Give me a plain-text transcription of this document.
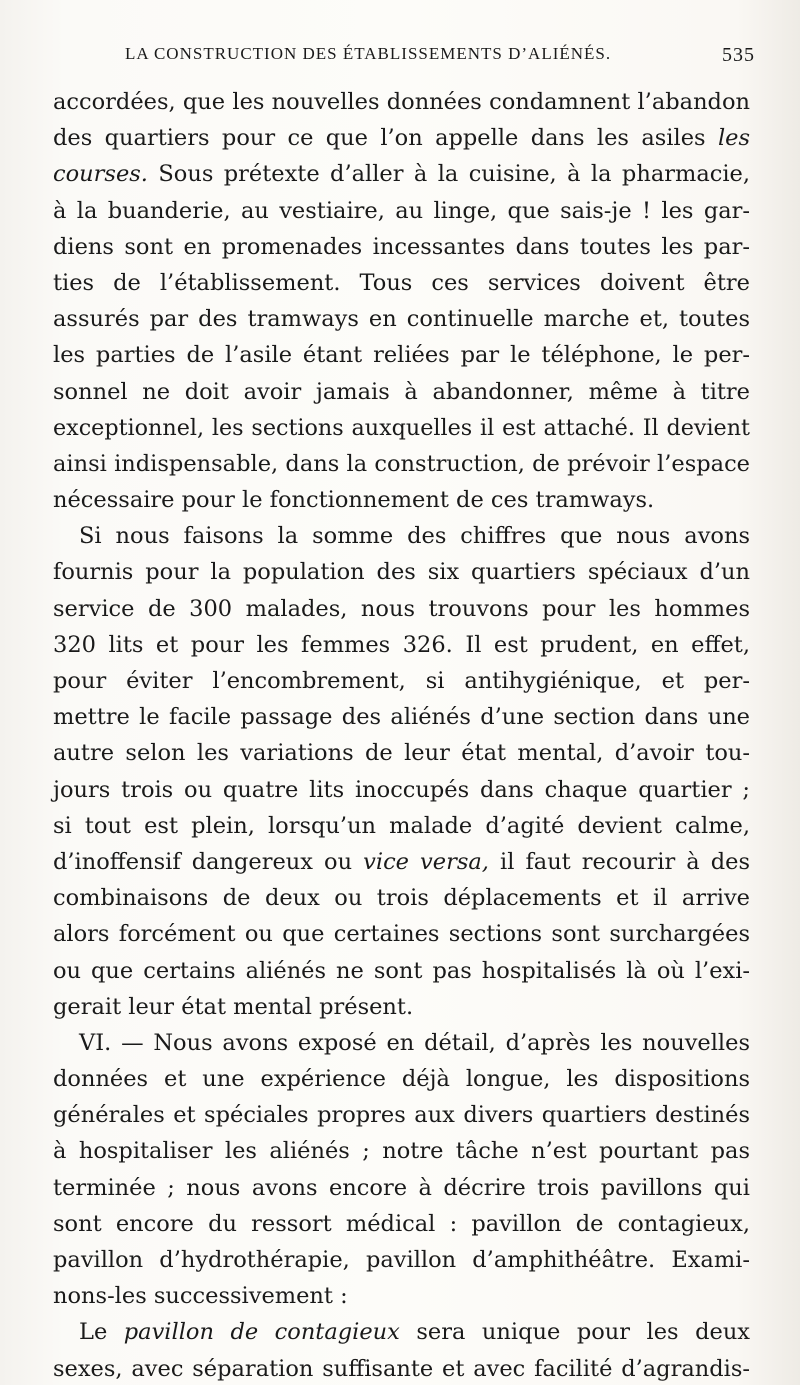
LA CONSTRUCTION DES ÉTABLISSEMENTS D’ALIÉNÉS.	535
accordées, que les nouvelles données condamnent l’abandon
des quartiers pour ce que l’on appelle dans les asiles les
courses. Sous prétexte d’aller à la cuisine, à la pharmacie,
à la buanderie, au vestiaire, au linge, que sais-je ! les gar-
diens sont en promenades incessantes dans toutes les par-
ties de l’établissement. Tous ces services doivent être
assurés par des tramways en continuelle marche et, toutes
les parties de l’asile étant reliées par le téléphone, le per-
sonnel ne doit avoir jamais à abandonner, même à titre
exceptionnel, les sections auxquelles il est attaché. Il devient
ainsi indispensable, dans la construction, de prévoir l’espace
nécessaire pour le fonctionnement de ces tramways.
Si nous faisons la somme des chiffres que nous avons
fournis pour la population des six quartiers spéciaux d’un
service de 300 malades, nous trouvons pour les hommes
320 lits et pour les femmes 326. Il est prudent, en effet,
pour éviter l’encombrement, si antihygiénique, et per-
mettre le facile passage des aliénés d’une section dans une
autre selon les variations de leur état mental, d’avoir tou-
jours trois ou quatre lits inoccupés dans chaque quartier ;
si tout est plein, lorsqu’un malade d’agité devient calme,
d’inoffensif dangereux ou vice versa, il faut recourir à des
combinaisons de deux ou trois déplacements et il arrive
alors forcément ou que certaines sections sont surchargées
ou que certains aliénés ne sont pas hospitalisés là où l’exi-
gerait leur état mental présent.
VI. — Nous avons exposé en détail, d’après les nouvelles
données et une expérience déjà longue, les dispositions
générales et spéciales propres aux divers quartiers destinés
à hospitaliser les aliénés ; notre tâche n’est pourtant pas
terminée ; nous avons encore à décrire trois pavillons qui
sont encore du ressort médical : pavillon de contagieux,
pavillon d’hydrothérapie, pavillon d’amphithéâtre. Exami-
nons-les successivement :
Le pavillon de contagieux sera unique pour les deux
sexes, avec séparation suffisante et avec facilité d’agrandis-
